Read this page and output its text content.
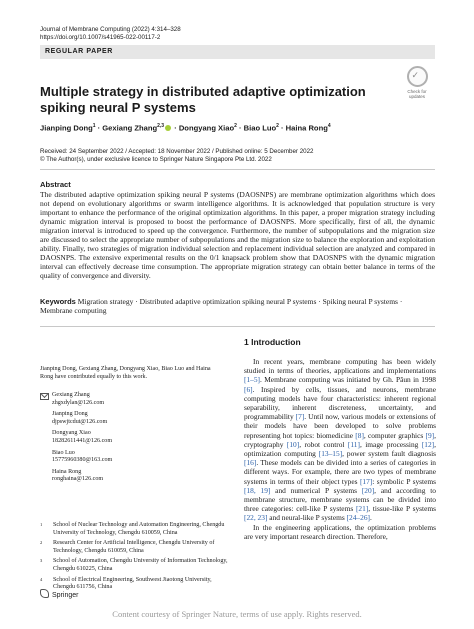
Journal of Membrane Computing (2022) 4:314–328
https://doi.org/10.1007/s41965-022-00117-2
REGULAR PAPER
✓
Check for updates
Multiple strategy in distributed adaptive optimization spiking neural P systems
Jianping Dong$^1$ · Gexiang Zhang$^{2,3}$ · Dongyang Xiao$^2$ · Biao Luo$^2$ · Haina Rong$^4$
Received: 24 September 2022 / Accepted: 18 November 2022 / Published online: 5 December 2022
© The Author(s), under exclusive licence to Springer Nature Singapore Pte Ltd. 2022
Abstract
The distributed adaptive optimization spiking neural P systems (DAOSNPS) are membrane optimization algorithms which does not depend on evolutionary algorithms or swarm intelligence algorithms. It is acknowledged that population structure is very important to enhance the performance of the original optimization algorithms. In this paper, a proper migration strategy including dynamic migration interval is proposed to boost the performance of DAOSNPS. More specifically, first of all, the dynamic migration interval is introduced to speed up the convergence. Furthermore, the number of subpopulations and the migration size are discussed to select the appropriate number of subpopulations and the migration size to balance the exploration and exploitation ability. Finally, two strategies of migration individual selection and replacement individual selection are analyzed and compared in DAOSNPS. The extensive experimental results on the 0/1 knapsack problem show that DAOSNPS with the dynamic migration interval can effectively decrease time consumption. The appropriate migration strategy can obtain better balance in terms of the quality of convergence and diversity.
Keywords Migration strategy · Distributed adaptive optimization spiking neural P systems · Spiking neural P systems · Membrane computing
Jianping Dong, Gexiang Zhang, Dongyang Xiao, Biao Luo and Haina Rong have contributed equally to this work.
Gexiang Zhang
zhgxdylan@126.com
Jianping Dong
djpswjtcdut@126.com
Dongyang Xiao
18282611441@126.com
Biao Luo
15775960380@163.com
Haina Rong
ronghaina@126.com
1 School of Nuclear Technology and Automation Engineering, Chengdu University of Technology, Chengdu 610059, China
2 Research Center for Artificial Intelligence, Chengdu University of Technology, Chengdu 610059, China
3 School of Automation, Chengdu University of Information Technology, Chengdu 610225, China
4 School of Electrical Engineering, Southwest Jiaotong University, Chengdu 611756, China
1 Introduction

In recent years, membrane computing has been widely studied in terms of theories, applications and implementations [1–5]. Membrane computing was initiated by Gh. Păun in 1998 [6]. Inspired by cells, tissues, and neurons, membrane computing models have four characteristics: inherent regional separability, inherent discreteness, uncertainty, and programmability [7]. Until now, various models or extensions of their models have been developed to solve problems representing hot topics: biomedicine [8], computer graphics [9], cryptography [10], robot control [11], image processing [12], optimization computing [13–15], power system fault diagnosis [16]. These models can be divided into a series of categories in different ways. For example, there are two types of membrane systems in terms of their object types [17]: symbolic P systems [18, 19] and numerical P systems [20], and according to membrane structure, membrane systems can be divided into three categories: cell-like P systems [21], tissue-like P systems [22, 23] and neural-like P systems [24–26].

In the engineering applications, the optimization problems are very important research direction. Therefore,

Springer
Content courtesy of Springer Nature, terms of use apply. Rights reserved.
